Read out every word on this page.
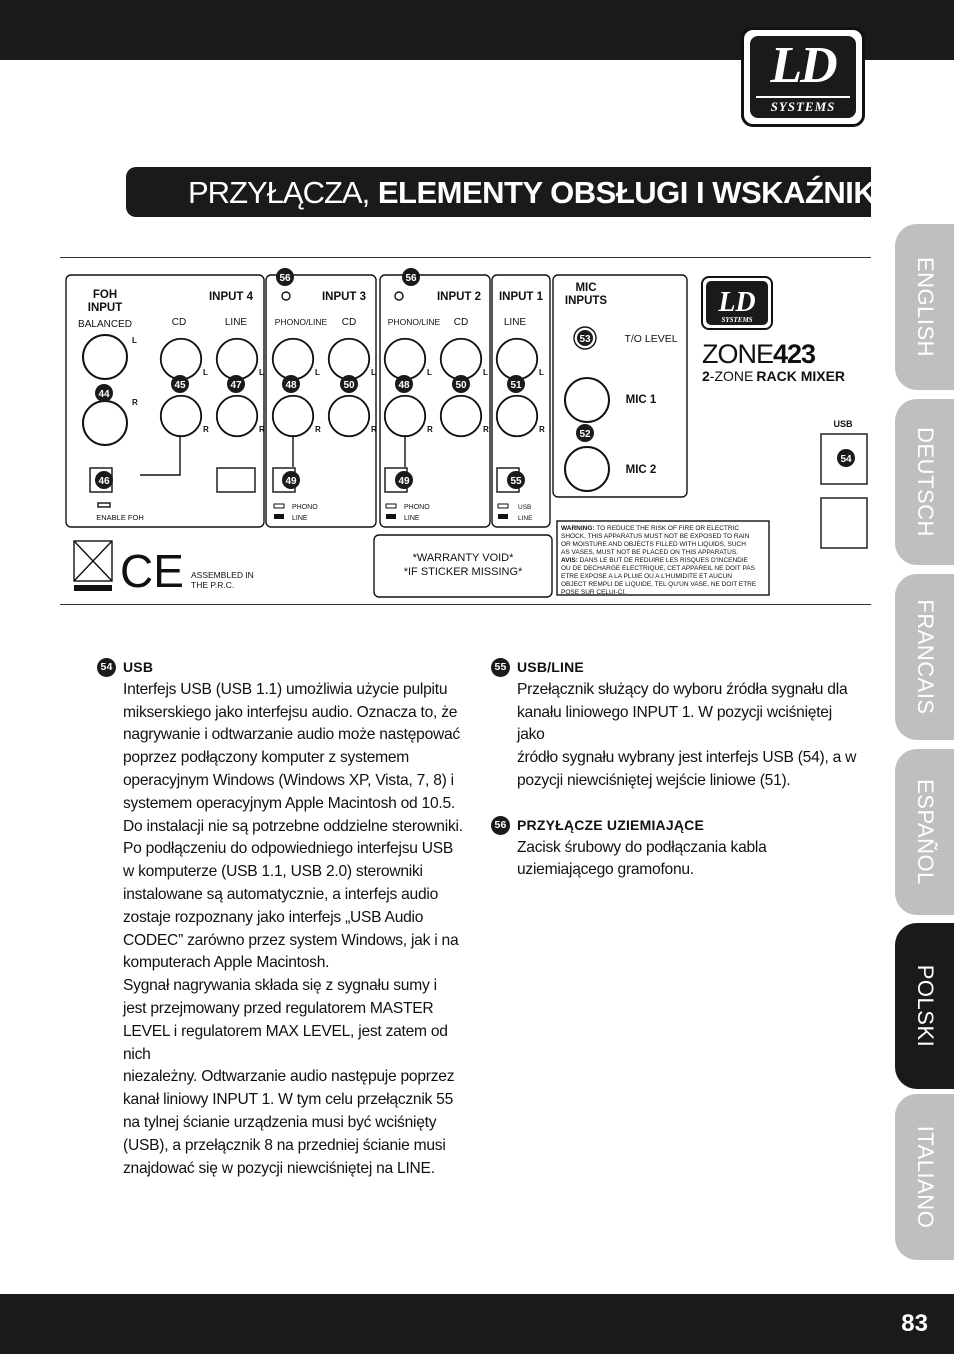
LD
SYSTEMS
PRZYŁĄCZA, ELEMENTY OBSŁUGI I WSKAŹNIKI:
ENGLISH
DEUTSCH
FRANCAIS
ESPAÑOL
POLSKI
ITALIANO
FOH
INPUT
INPUT 4	INPUT 3	INPUT 2 INPUT 1
MIC
INPUTS
MIC 1
MIC 2
BALANCED	CD	LINE	PHONO/LINE CD	PHONO/LINE CD	LINE
T/O LEVEL
USB
ENABLE FOH
L
R
L
R
L
R
L
R
L
R
L
R
L
R
L
R
PHONO
LINE
PHONO
LINE
USB
LINE
LD
SYSTEMS
ZONE423
2-ZONE RACK MIXER
CE ASSEMBLED IN
THE P.R.C.
*WARRANTY VOID*
*IF STICKER MISSING*
WARNING: TO REDUCE THE RISK OF FIRE OR ELECTRIC
SHOCK, THIS APPARATUS MUST NOT BE EXPOSED TO RAIN
OR MOISTURE AND OBJECTS FILLED WITH LIQUIDS, SUCH
AS VASES, MUST NOT BE PLACED ON THIS APPARATUS.
AVIS: DANS LE BUT DE REDUIRE LES RISQUES D'INCENDIE
OU DE DECHARGE ELECTRIQUE, CET APPAREIL NE DOIT PAS
ETRE EXPOSE A LA PLUIE OU A L'HUMIDITE ET AUCUN
OBJECT REMPLI DE LIQUIDE, TEL QU'UN VASE, NE DOIT ETRE
POSE SUR CELUI-CI.
44
45	47	48	50	48	50	51
46	49	49	55
52
53
54
56	56
54 USB

Interfejs USB (USB 1.1) umożliwia użycie pulpitu
mikserskiego jako interfejsu audio. Oznacza to, że
nagrywanie i odtwarzanie audio może następować
poprzez podłączony komputer z systemem
operacyjnym Windows (Windows XP, Vista, 7, 8) i
systemem operacyjnym Apple Macintosh od 10.5.
Do instalacji nie są potrzebne oddzielne sterowniki.
Po podłączeniu do odpowiedniego interfejsu USB
w komputerze (USB 1.1, USB 2.0) sterowniki
instalowane są automatycznie, a interfejs audio
zostaje rozpoznany jako interfejs „USB Audio
CODEC” zarówno przez system Windows, jak i na
komputerach Apple Macintosh.
Sygnał nagrywania składa się z sygnału sumy i
jest przejmowany przed regulatorem MASTER
LEVEL i regulatorem MAX LEVEL, jest zatem od nich
niezależny. Odtwarzanie audio następuje poprzez
kanał liniowy INPUT 1. W tym celu przełącznik 55
na tylnej ścianie urządzenia musi być wciśnięty
(USB), a przełącznik 8 na przedniej ścianie musi
znajdować się w pozycji niewciśniętej na LINE.

55 USB/LINE

Przełącznik służący do wyboru źródła sygnału dla
kanału liniowego INPUT 1. W pozycji wciśniętej jako
źródło sygnału wybrany jest interfejs USB (54), a w
pozycji niewciśniętej wejście liniowe (51).

56 PRZYŁĄCZE UZIEMIAJĄCE

Zacisk śrubowy do podłączania kabla
uziemiającego gramofonu.

83
